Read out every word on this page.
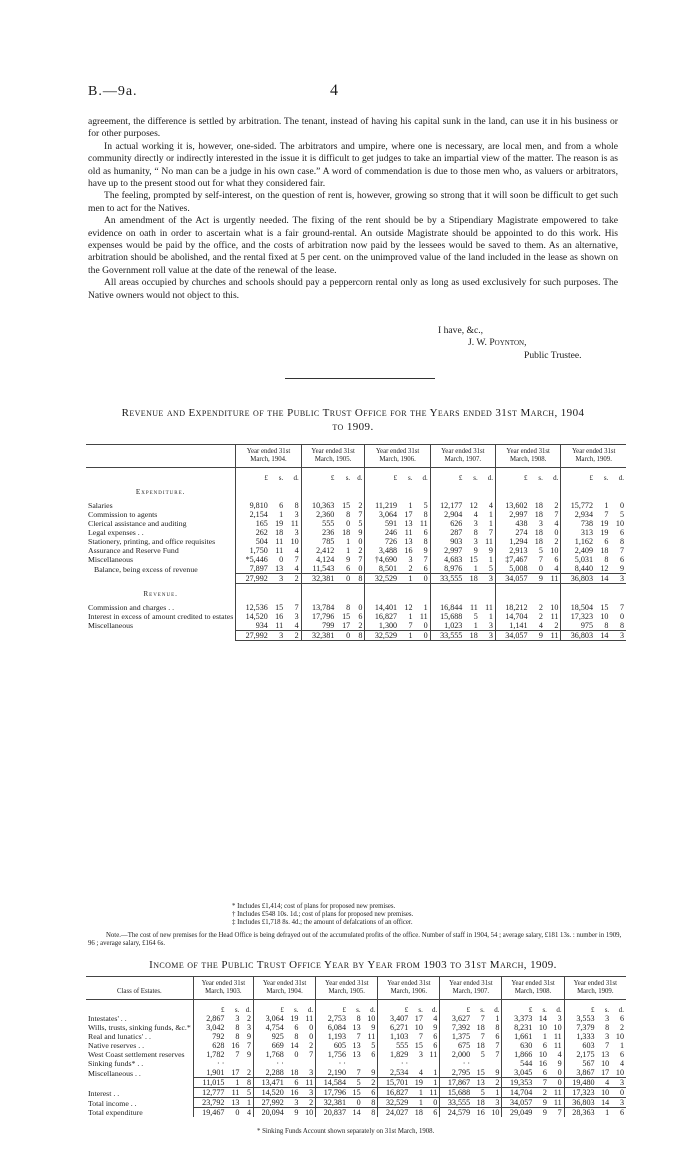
B.—9a.	4

agreement, the difference is settled by arbitration. The tenant, instead of having his capital sunk in the land, can use it in his business or for other purposes.

In actual working it is, however, one-sided. The arbitrators and umpire, where one is necessary, are local men, and from a whole community directly or indirectly interested in the issue it is difficult to get judges to take an impartial view of the matter. The reason is as old as humanity, “ No man can be a judge in his own case.” A word of commendation is due to those men who, as valuers or arbitrators, have up to the present stood out for what they considered fair.

The feeling, prompted by self-interest, on the question of rent is, however, growing so strong that it will soon be difficult to get such men to act for the Natives.

An amendment of the Act is urgently needed. The fixing of the rent should be by a Stipendiary Magistrate empowered to take evidence on oath in order to ascertain what is a fair ground-rental. An outside Magistrate should be appointed to do this work. His expenses would be paid by the office, and the costs of arbitration now paid by the lessees would be saved to them. As an alternative, arbitration should be abolished, and the rental fixed at 5 per cent. on the unimproved value of the land included in the lease as shown on the Government roll value at the date of the renewal of the lease.

All areas occupied by churches and schools should pay a peppercorn rental only as long as used exclusively for such purposes. The Native owners would not object to this.

I have, &c.,
J. W. Poynton,
Public Trustee.
Revenue and Expenditure of the Public Trust Office for the Years ended 31st March, 1904
to 1909.
	Year ended 31st March, 1904.			Year ended 31st March, 1905.			Year ended 31st March, 1906.			Year ended 31st March, 1907.			Year ended 31st March, 1908.			Year ended 31st March, 1909.		
	£	s.	d.	£	s.	d.	£	s.	d.	£	s.	d.	£	s.	d.	£	s.	d.
Expenditure.																		
Salaries	9,810	6	8	10,363	15	2	11,219	1	5	12,177	12	4	13,602	18	2	15,772	1	0
Commission to agents	2,154	1	3	2,360	8	7	3,064	17	8	2,904	4	1	2,997	18	7	2,934	7	5
Clerical assistance and auditing	165	19	11	555	0	5	591	13	11	626	3	1	438	3	4	738	19	10
Legal expenses . .	262	18	3	236	18	9	246	11	6	287	8	7	274	18	0	313	19	6
Stationery, printing, and office requisites	504	11	10	785	1	0	726	13	8	903	3	11	1,294	18	2	1,162	6	8
Assurance and Reserve Fund	1,750	11	4	2,412	1	2	3,488	16	9	2,997	9	9	2,913	5	10	2,409	18	7
Miscellaneous	*5,446	0	7	4,124	9	7	†4,690	3	7	4,683	15	1	‡7,467	7	6	5,031	8	6
Balance, being excess of revenue	7,897	13	4	11,543	6	0	8,501	2	6	8,976	1	5	5,008	0	4	8,440	12	9
	27,992	3	2	32,381	0	8	32,529	1	0	33,555	18	3	34,057	9	11	36,803	14	3
Revenue.																		
Commission and charges . .	12,536	15	7	13,784	8	0	14,401	12	1	16,844	11	11	18,212	2	10	18,504	15	7
Interest in excess of amount credited to estates	14,520	16	3	17,796	15	6	16,827	1	11	15,688	5	1	14,704	2	11	17,323	10	0
Miscellaneous	934	11	4	799	17	2	1,300	7	0	1,023	1	3	1,141	4	2	975	8	8
	27,992	3	2	32,381	0	8	32,529	1	0	33,555	18	3	34,057	9	11	36,803	14	3
* Includes £1,414; cost of plans for proposed new premises.
† Includes £548 10s. 1d.; cost of plans for proposed new premises.
‡ Includes £1,718 8s. 4d.; the amount of defalcations of an officer.
Note.—The cost of new premises for the Head Office is being defrayed out of the accumulated profits of the office. Number of staff in 1904, 54 ; average salary, £181 13s. : number in 1909, 96 ; average salary, £164 6s.
Income of the Public Trust Office Year by Year from 1903 to 31st March, 1909.
Class of Estates.	Year ended 31st March, 1903.			Year ended 31st March, 1904.			Year ended 31st March, 1905.			Year ended 31st March, 1906.			Year ended 31st March, 1907.			Year ended 31st March, 1908.			Year ended 31st March, 1909.		
	£	s.	d.	£	s.	d.	£	s.	d.	£	s.	d.	£	s.	d.	£	s.	d.	£	s.	d.
Intestates' . .	2,867	3	2	3,064	19	11	2,753	8	10	3,407	17	4	3,627	7	1	3,373	14	3	3,553	3	6
Wills, trusts, sinking funds, &c.*	3,042	8	3	4,754	6	0	6,084	13	9	6,271	10	9	7,392	18	8	8,231	10	10	7,379	8	2
Real and lunatics' . .	792	8	9	925	8	0	1,193	7	11	1,103	7	6	1,375	7	6	1,661	1	11	1,333	3	10
Native reserves . .	628	16	7	669	14	2	605	13	5	555	15	6	675	18	7	630	6	11	603	7	1
West Coast settlement reserves	1,782	7	9	1,768	0	7	1,756	13	6	1,829	3	11	2,000	5	7	1,866	10	4	2,175	13	6
Sinking funds* . .	· ·			· ·			· ·			· ·			· ·			544	16	9	567	10	4
Miscellaneous . .	1,901	17	2	2,288	18	3	2,190	7	9	2,534	4	1	2,795	15	9	3,045	6	0	3,867	17	10
	11,015	1	8	13,471	6	11	14,584	5	2	15,701	19	1	17,867	13	2	19,353	7	0	19,480	4	3
Interest . .	12,777	11	5	14,520	16	3	17,796	15	6	16,827	1	11	15,688	5	1	14,704	2	11	17,323	10	0
Total income . .	23,792	13	1	27,992	3	2	32,381	0	8	32,529	1	0	33,555	18	3	34,057	9	11	36,803	14	3
Total expenditure	19,467	0	4	20,094	9	10	20,837	14	8	24,027	18	6	24,579	16	10	29,049	9	7	28,363	1	6
* Sinking Funds Account shown separately on 31st March, 1908.
